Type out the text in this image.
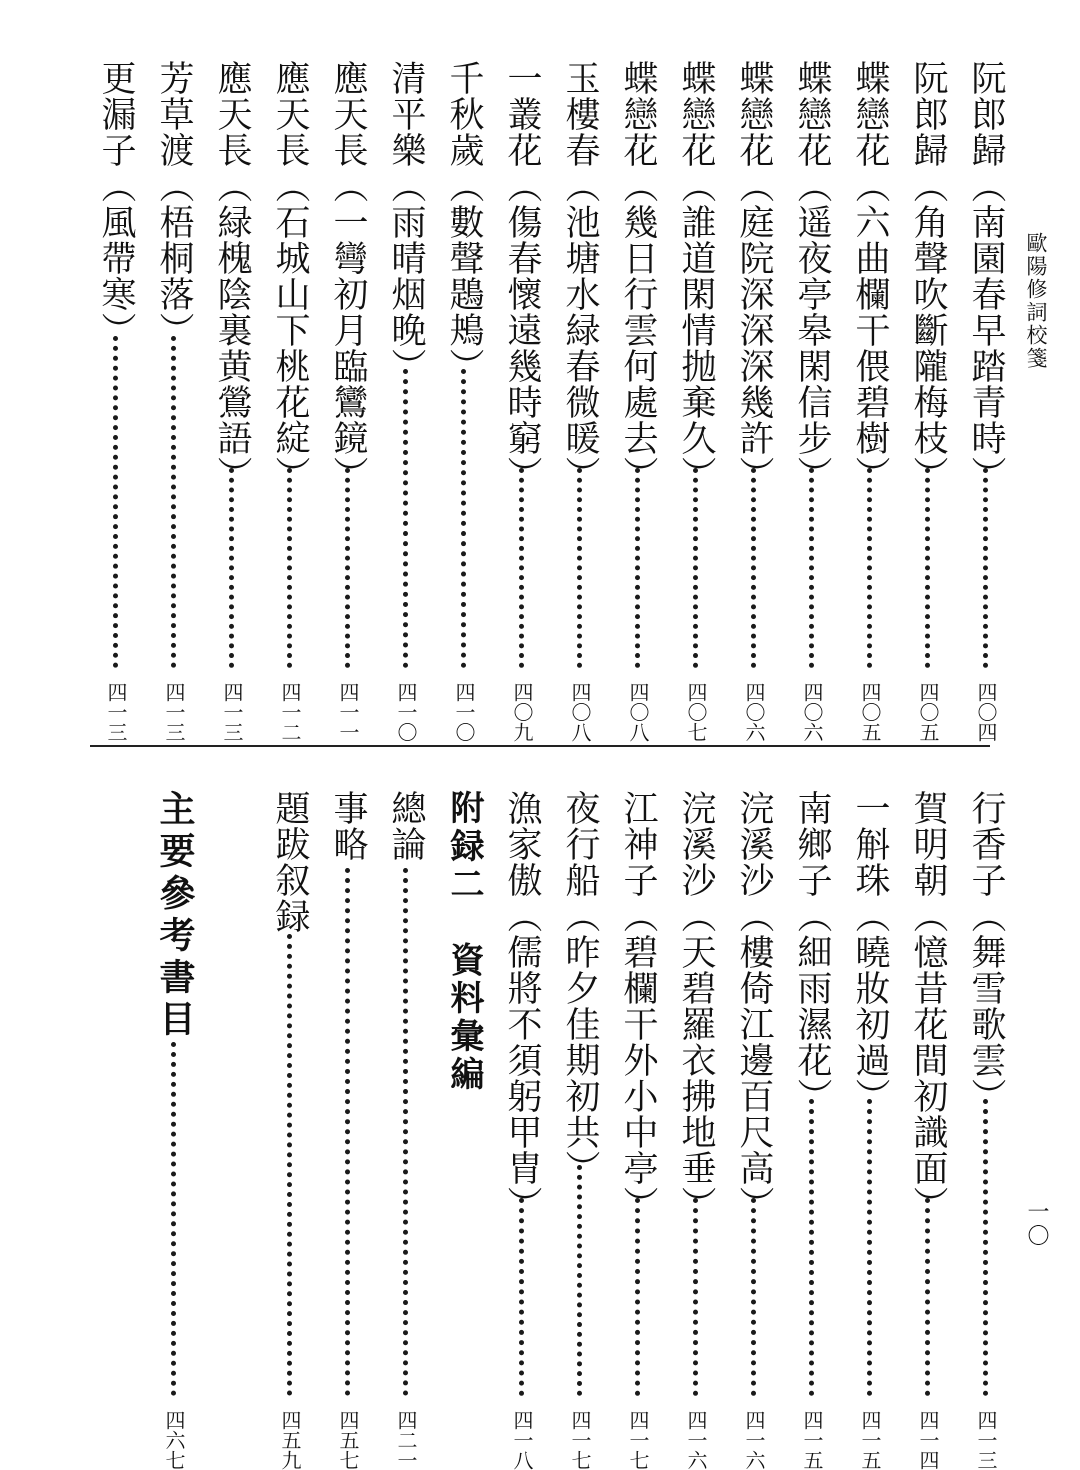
歐陽修詞校箋
一〇
阮郎歸（南園春早踏青時）
四〇四
阮郎歸（角聲吹斷隴梅枝）
四〇五
蝶戀花（六曲欄干偎碧樹）
四〇五
蝶戀花（遥夜亭皋閑信步）
四〇六
蝶戀花（庭院深深深幾許）
四〇六
蝶戀花（誰道閑情抛棄久）
四〇七
蝶戀花（幾日行雲何處去）
四〇八
玉樓春（池塘水緑春微暖）
四〇八
一叢花（傷春懷遠幾時窮）
四〇九
千秋歲（數聲鶗鴂）
四一〇
清平樂（雨晴烟晚）
四一〇
應天長（一彎初月臨鸞鏡）
四一一
應天長（石城山下桃花綻）
四一二
應天長（緑槐陰裏黄鶯語）
四一三
芳草渡（梧桐落）
四一三
更漏子（風帶寒）
四一三
行香子（舞雪歌雲）
四一三
賀明朝（憶昔花間初識面）
四一四
一斛珠（曉妝初過）
四一五
南鄉子（細雨濕花）
四一五
浣溪沙（樓倚江邊百尺高）
四一六
浣溪沙（天碧羅衣拂地垂）
四一六
江神子（碧欄干外小中亭）
四一七
夜行船（昨夕佳期初共）
四一七
漁家傲（儒將不須躬甲胄）
四一八
附録二　資料彙編
總論
四二一
事略
四五七
題跋叙録
四五九
主要參考書目
四六七
